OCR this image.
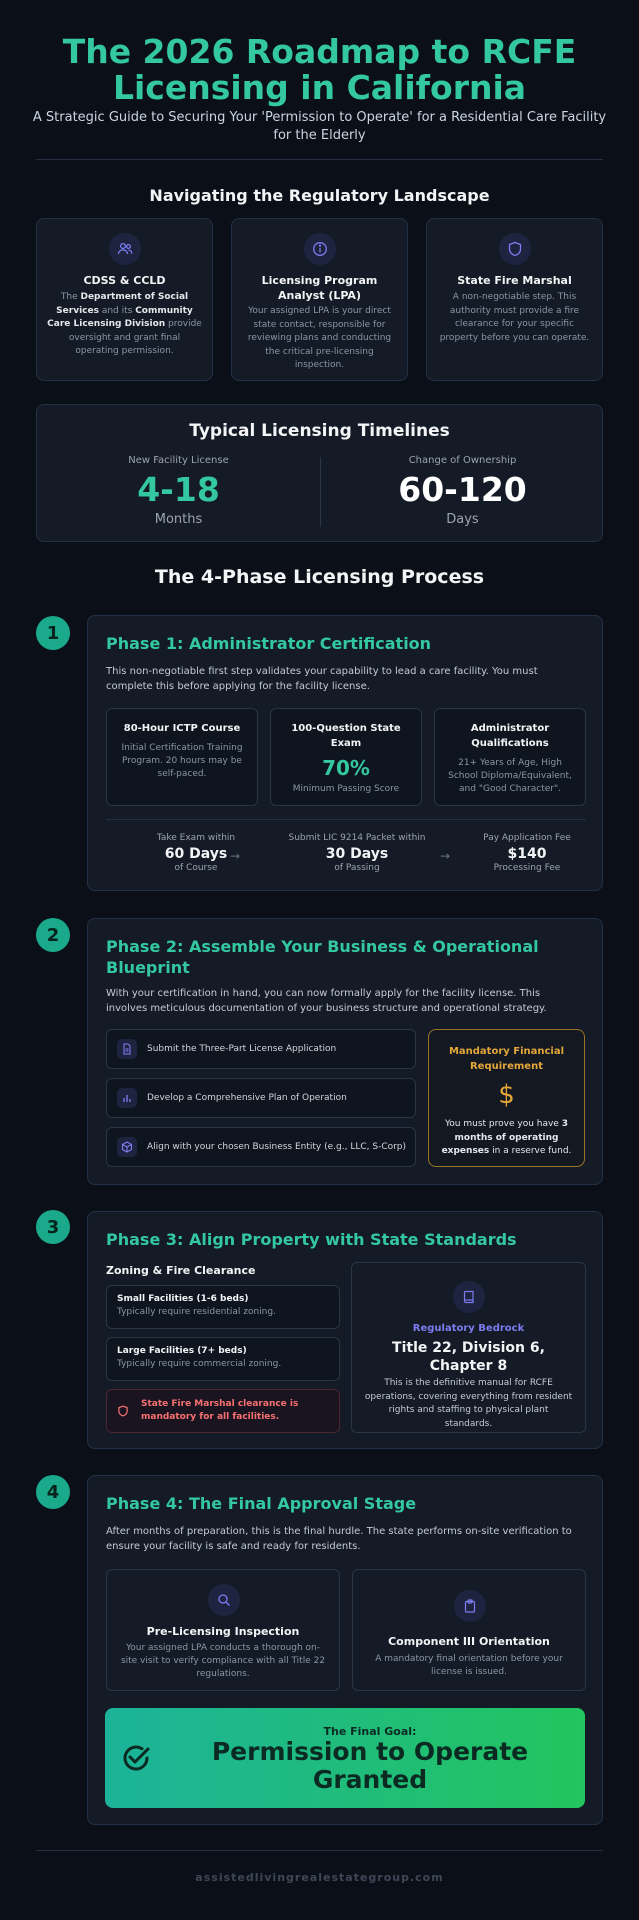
The 2026 Roadmap to RCFE Licensing in California
A Strategic Guide to Securing Your 'Permission to Operate' for a Residential Care Facility for the Elderly
Navigating the Regulatory Landscape
CDSS & CCLD
The Department of Social Services and its Community Care Licensing Division provide oversight and grant final operating permission.
Licensing Program Analyst (LPA)
Your assigned LPA is your direct state contact, responsible for reviewing plans and conducting the critical pre-licensing inspection.
State Fire Marshal
A non-negotiable step. This authority must provide a fire clearance for your specific property before you can operate.
Typical Licensing Timelines
New Facility License
4-18
Months
Change of Ownership
60-120
Days
The 4-Phase Licensing Process
1	Phase 1: Administrator Certification
This non-negotiable first step validates your capability to lead a care facility. You must complete this before applying for the facility license.
80-Hour ICTP Course
Initial Certification Training Program. 20 hours may be self-paced.
100-Question State Exam
70%
Minimum Passing Score
Administrator Qualifications
21+ Years of Age, High School Diploma/Equivalent, and "Good Character".
Take Exam within
60 Days
of Course
→
Submit LIC 9214 Packet within
30 Days
of Passing
→
Pay Application Fee
$140
Processing Fee
2
Phase 2: Assemble Your Business & Operational Blueprint
With your certification in hand, you can now formally apply for the facility license. This involves meticulous documentation of your business structure and operational strategy.
Submit the Three-Part License Application
Develop a Comprehensive Plan of Operation
Align with your chosen Business Entity (e.g., LLC, S-Corp)
Mandatory Financial Requirement
$
You must prove you have 3 months of operating expenses in a reserve fund.
3
Phase 3: Align Property with State Standards
Zoning & Fire Clearance
Small Facilities (1-6 beds)
Typically require residential zoning.
Large Facilities (7+ beds)
Typically require commercial zoning.
State Fire Marshal clearance is mandatory for all facilities.
Regulatory Bedrock
Title 22, Division 6, Chapter 8
This is the definitive manual for RCFE operations, covering everything from resident rights and staffing to physical plant standards.
4
Phase 4: The Final Approval Stage
After months of preparation, this is the final hurdle. The state performs on-site verification to ensure your facility is safe and ready for residents.
Pre-Licensing Inspection
Your assigned LPA conducts a thorough on-site visit to verify compliance with all Title 22 regulations.
Component III Orientation
A mandatory final orientation before your license is issued.
The Final Goal:
Permission to Operate Granted
assistedlivingrealestategroup.com
